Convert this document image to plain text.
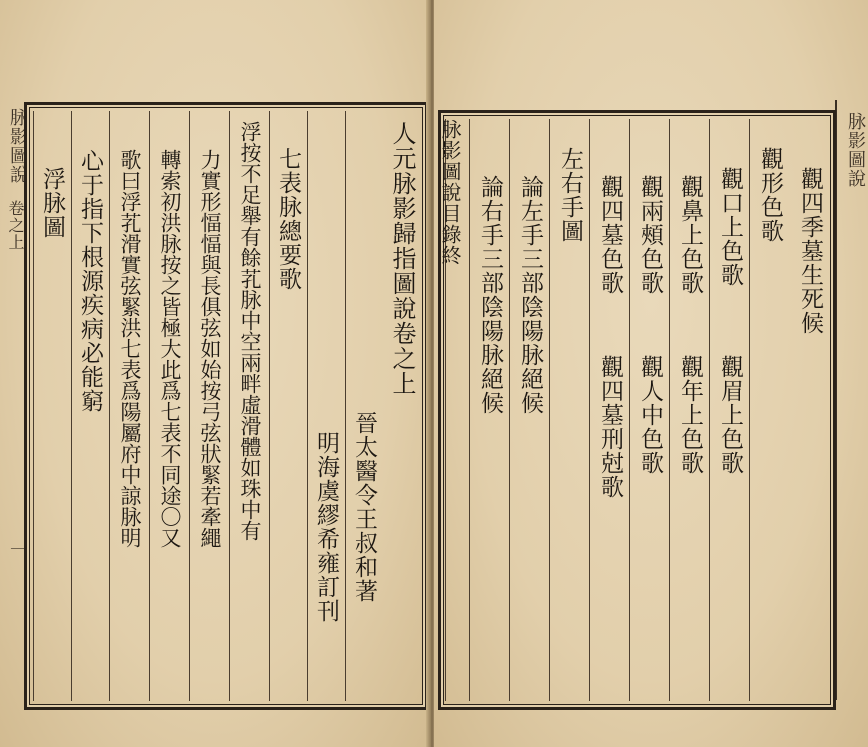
脉影圖說
卷之上
一
人元脉影歸指圖說卷之上
晉太醫令王叔和著
明海虞繆希雍訂刊
七表脉總要歌
浮按不足舉有餘芤脉中空兩畔虛滑體如珠中有
力實形愊愊與長俱弦如始按弓弦狀緊若牽繩
轉索初洪脉按之皆極大此爲七表不同途〇又
歌曰浮芤滑實弦緊洪七表爲陽屬府中諒脉明
心于指下根源疾病必能窮
浮脉圖
脉影圖說
觀四季墓生死候
觀形色歌
觀口上色歌
觀眉上色歌
觀鼻上色歌
觀年上色歌
觀兩頰色歌
觀人中色歌
觀四墓色歌
觀四墓刑尅歌
左右手圖
論左手三部陰陽脉絕候
論右手三部陰陽脉絕候
脉影圖說目錄終
